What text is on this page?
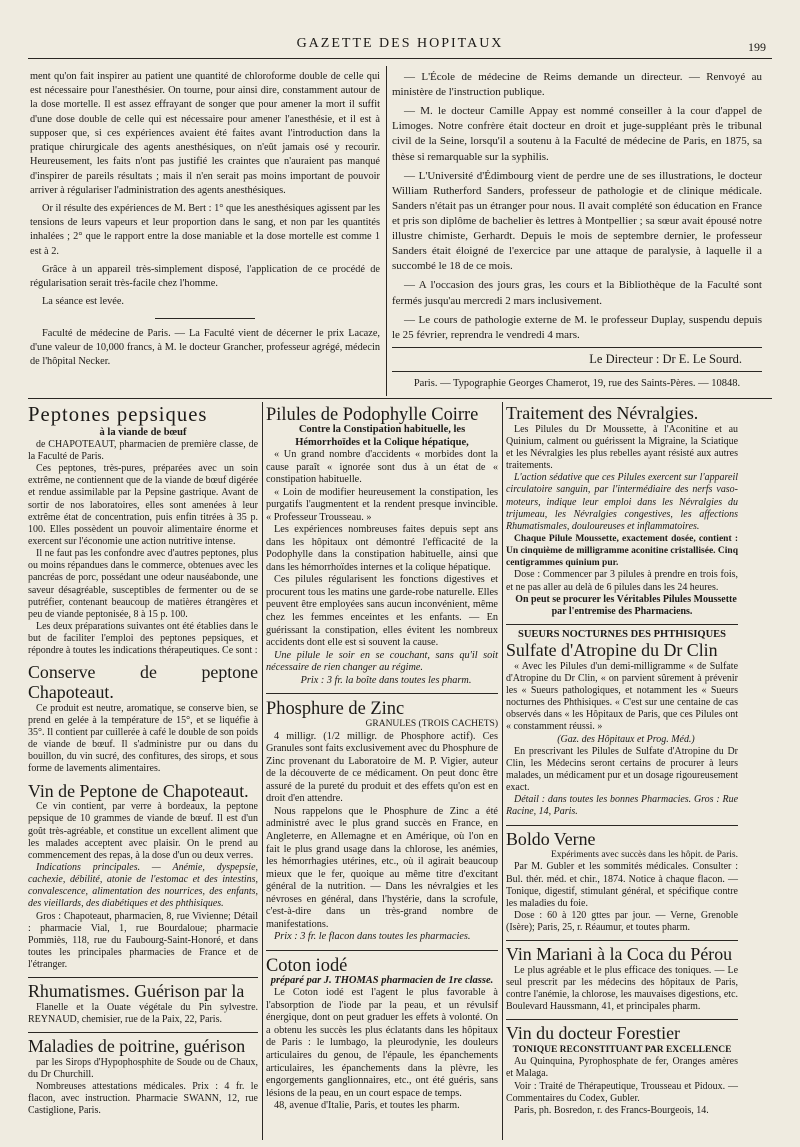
GAZETTE DES HOPITAUX	199

ment qu'on fait inspirer au patient une quantité de chloroforme double de celle qui est nécessaire pour l'anesthésier. On tourne, pour ainsi dire, constamment autour de la dose mortelle. Il est assez effrayant de songer que pour amener la mort il suffit d'une dose double de celle qui est nécessaire pour amener l'anesthésie, et il est à supposer que, si ces expériences avaient été faites avant l'introduction dans la pratique chirurgicale des agents anesthésiques, on n'eût jamais osé y recourir. Heureusement, les faits n'ont pas justifié les craintes que n'auraient pas manqué d'inspirer de pareils résultats ; mais il n'en serait pas moins important de pouvoir arriver à régulariser l'administration des agents anesthésiques.

Or il résulte des expériences de M. Bert : 1° que les anesthésiques agissent par les tensions de leurs vapeurs et leur proportion dans le sang, et non par les quantités inhalées ; 2° que le rapport entre la dose maniable et la dose mortelle est comme 1 est à 2.

Grâce à un appareil très-simplement disposé, l'application de ce procédé de régularisation serait très-facile chez l'homme.

La séance est levée.

Faculté de médecine de Paris. — La Faculté vient de décerner le prix Lacaze, d'une valeur de 10,000 francs, à M. le docteur Grancher, professeur agrégé, médecin de l'hôpital Necker.

— L'École de médecine de Reims demande un directeur. — Renvoyé au ministère de l'instruction publique.

— M. le docteur Camille Appay est nommé conseiller à la cour d'appel de Limoges. Notre confrère était docteur en droit et juge-suppléant près le tribunal civil de la Seine, lorsqu'il a soutenu à la Faculté de médecine de Paris, en 1875, sa thèse si remarquable sur la syphilis.

— L'Université d'Édimbourg vient de perdre une de ses illustrations, le docteur William Rutherford Sanders, professeur de pathologie et de clinique médicale. Sanders n'était pas un étranger pour nous. Il avait complété son éducation en France et pris son diplôme de bachelier ès lettres à Montpellier ; sa sœur avait épousé notre illustre chimiste, Gerhardt. Depuis le mois de septembre dernier, le professeur Sanders était éloigné de l'exercice par une attaque de paralysie, à laquelle il a succombé le 18 de ce mois.

— A l'occasion des jours gras, les cours et la Bibliothèque de la Faculté sont fermés jusqu'au mercredi 2 mars inclusivement.

— Le cours de pathologie externe de M. le professeur Duplay, suspendu depuis le 25 février, reprendra le vendredi 4 mars.

Le Directeur : Dr E. Le Sourd.
Paris. — Typographie Georges Chamerot, 19, rue des Saints-Pères. — 10848.
Peptones pepsiques
à la viande de bœuf

de CHAPOTEAUT, pharmacien de première classe, de la Faculté de Paris.

Ces peptones, très-pures, préparées avec un soin extrême, ne contiennent que de la viande de bœuf digérée et rendue assimilable par la Pepsine gastrique. Avant de sortir de nos laboratoires, elles sont amenées à leur extrême état de concentration, puis enfin titrées à 35 p. 100. Elles possèdent un pouvoir alimentaire énorme et exercent sur l'économie une action nutritive intense.

Il ne faut pas les confondre avec d'autres peptones, plus ou moins répandues dans le commerce, obtenues avec les pancréas de porc, possédant une odeur nauséabonde, une saveur désagréable, susceptibles de fermenter ou de se putréfier, contenant beaucoup de matières étrangères et peu de viande peptonisée, 8 à 15 p. 100.

Les deux préparations suivantes ont été établies dans le but de faciliter l'emploi des peptones pepsiques, et répondre à toutes les indications thérapeutiques. Ce sont :

Conserve de peptone Chapoteaut.

Ce produit est neutre, aromatique, se conserve bien, se prend en gelée à la température de 15°, et se liquéfie à 35°. Il contient par cuillerée à café le double de son poids de viande de bœuf. Il s'administre pur ou dans du bouillon, du vin sucré, des confitures, des sirops, et sous forme de lavements alimentaires.

Vin de Peptone de Chapoteaut.

Ce vin contient, par verre à bordeaux, la peptone pepsique de 10 grammes de viande de bœuf. Il est d'un goût très-agréable, et constitue un excellent aliment que les malades acceptent avec plaisir. On le prend au commencement des repas, à la dose d'un ou deux verres.

Indications principales. — Anémie, dyspepsie, cachexie, débilité, atonie de l'estomac et des intestins, convalescence, alimentation des nourrices, des enfants, des vieillards, des diabétiques et des phthisiques.

Gros : Chapoteaut, pharmacien, 8, rue Vivienne; Détail : pharmacie Vial, 1, rue Bourdaloue; pharmacie Pommiès, 118, rue du Faubourg-Saint-Honoré, et dans toutes les principales pharmacies de France et de l'étranger.

Rhumatismes. Guérison par la

Flanelle et la Ouate végétale du Pin sylvestre. REYNAUD, chemisier, rue de la Paix, 22, Paris.

Maladies de poitrine, guérison

par les Sirops d'Hypophosphite de Soude ou de Chaux, du Dr Churchill.

Nombreuses attestations médicales. Prix : 4 fr. le flacon, avec instruction. Pharmacie SWANN, 12, rue Castiglione, Paris.

Pilules de Podophylle Coirre
Contre la Constipation habituelle, les Hémorrhoïdes et la Colique hépatique,

« Un grand nombre d'accidents « morbides dont la cause paraît « ignorée sont dus à un état de « constipation habituelle.

« Loin de modifier heureusement la constipation, les purgatifs l'augmentent et la rendent presque invincible. « Professeur Trousseau. »

Les expériences nombreuses faites depuis sept ans dans les hôpitaux ont démontré l'efficacité de la Podophylle dans la constipation habituelle, ainsi que dans les hémorrhoïdes internes et la colique hépatique.

Ces pilules régularisent les fonctions digestives et procurent tous les matins une garde-robe naturelle. Elles peuvent être employées sans aucun inconvénient, même chez les femmes enceintes et les enfants. — En guérissant la constipation, elles évitent les nombreux accidents dont elle est si souvent la cause.

Une pilule le soir en se couchant, sans qu'il soit nécessaire de rien changer au régime.

Prix : 3 fr. la boîte dans toutes les pharm.

Phosphure de Zinc
GRANULES (TROIS CACHETS)

4 milligr. (1/2 milligr. de Phosphore actif). Ces Granules sont faits exclusivement avec du Phosphure de Zinc provenant du Laboratoire de M. P. Vigier, auteur de la découverte de ce médicament. On peut donc être assuré de la pureté du produit et des effets qu'on est en droit d'en attendre.

Nous rappelons que le Phosphure de Zinc a été administré avec le plus grand succès en France, en Angleterre, en Allemagne et en Amérique, où l'on en fait le plus grand usage dans la chlorose, les anémies, les hémorrhagies utérines, etc., où il agirait beaucoup mieux que le fer, quoique au même titre d'excitant général de la nutrition. — Dans les névralgies et les névroses en général, dans l'hystérie, dans la scrofule, c'est-à-dire dans un très-grand nombre de manifestations.

Prix : 3 fr. le flacon dans toutes les pharmacies.

Coton iodé
préparé par J. THOMAS pharmacien de 1re classe.

Le Coton iodé est l'agent le plus favorable à l'absorption de l'iode par la peau, et un révulsif énergique, dont on peut graduer les effets à volonté. On a obtenu les succès les plus éclatants dans les hôpitaux de Paris : le lumbago, la pleurodynie, les douleurs articulaires du genou, de l'épaule, les épanchements articulaires, les épanchements dans la plèvre, les engorgements ganglionnaires, etc., ont été guéris, sans lésions de la peau, en un court espace de temps.

48, avenue d'Italie, Paris, et toutes les pharm.

Traitement des Névralgies.

Les Pilules du Dr Moussette, à l'Aconitine et au Quinium, calment ou guérissent la Migraine, la Sciatique et les Névralgies les plus rebelles ayant résisté aux autres traitements.

L'action sédative que ces Pilules exercent sur l'appareil circulatoire sanguin, par l'intermédiaire des nerfs vaso-moteurs, indique leur emploi dans les Névralgies du trijumeau, les Névralgies congestives, les affections Rhumatismales, douloureuses et inflammatoires.

Chaque Pilule Moussette, exactement dosée, contient : Un cinquième de milligramme aconitine cristallisée. Cinq centigrammes quinium pur.

Dose : Commencer par 3 pilules à prendre en trois fois, et ne pas aller au delà de 6 pilules dans les 24 heures.

On peut se procurer les Véritables Pilules Moussette par l'entremise des Pharmaciens.

SUEURS NOCTURNES DES PHTHISIQUES
Sulfate d'Atropine du Dr Clin

« Avec les Pilules d'un demi-milligramme « de Sulfate d'Atropine du Dr Clin, « on parvient sûrement à prévenir les « Sueurs pathologiques, et notamment les « Sueurs nocturnes des Phthisiques. « C'est sur une centaine de cas observés dans « les Hôpitaux de Paris, que ces Pilules ont « constamment réussi. »

(Gaz. des Hôpitaux et Prog. Méd.)

En prescrivant les Pilules de Sulfate d'Atropine du Dr Clin, les Médecins seront certains de procurer à leurs malades, un médicament pur et un dosage rigoureusement exact.

Détail : dans toutes les bonnes Pharmacies. Gros : Rue Racine, 14, Paris.

Boldo Verne
Expériments avec succès dans les hôpit. de Paris.

Par M. Gubler et les sommités médicales. Consulter : Bul. thér. méd. et chir., 1874. Notice à chaque flacon. — Tonique, digestif, stimulant général, et spécifique contre les maladies du foie.

Dose : 60 à 120 gttes par jour. — Verne, Grenoble (Isère); Paris, 25, r. Réaumur, et toutes pharm.

Vin Mariani à la Coca du Pérou

Le plus agréable et le plus efficace des toniques. — Le seul prescrit par les médecins des hôpitaux de Paris, contre l'anémie, la chlorose, les mauvaises digestions, etc. Boulevard Haussmann, 41, et principales pharm.

Vin du docteur Forestier
TONIQUE RECONSTITUANT PAR EXCELLENCE

Au Quinquina, Pyrophosphate de fer, Oranges amères et Malaga.

Voir : Traité de Thérapeutique, Trousseau et Pidoux. — Commentaires du Codex, Gubler.

Paris, ph. Bosredon, r. des Francs-Bourgeois, 14.
